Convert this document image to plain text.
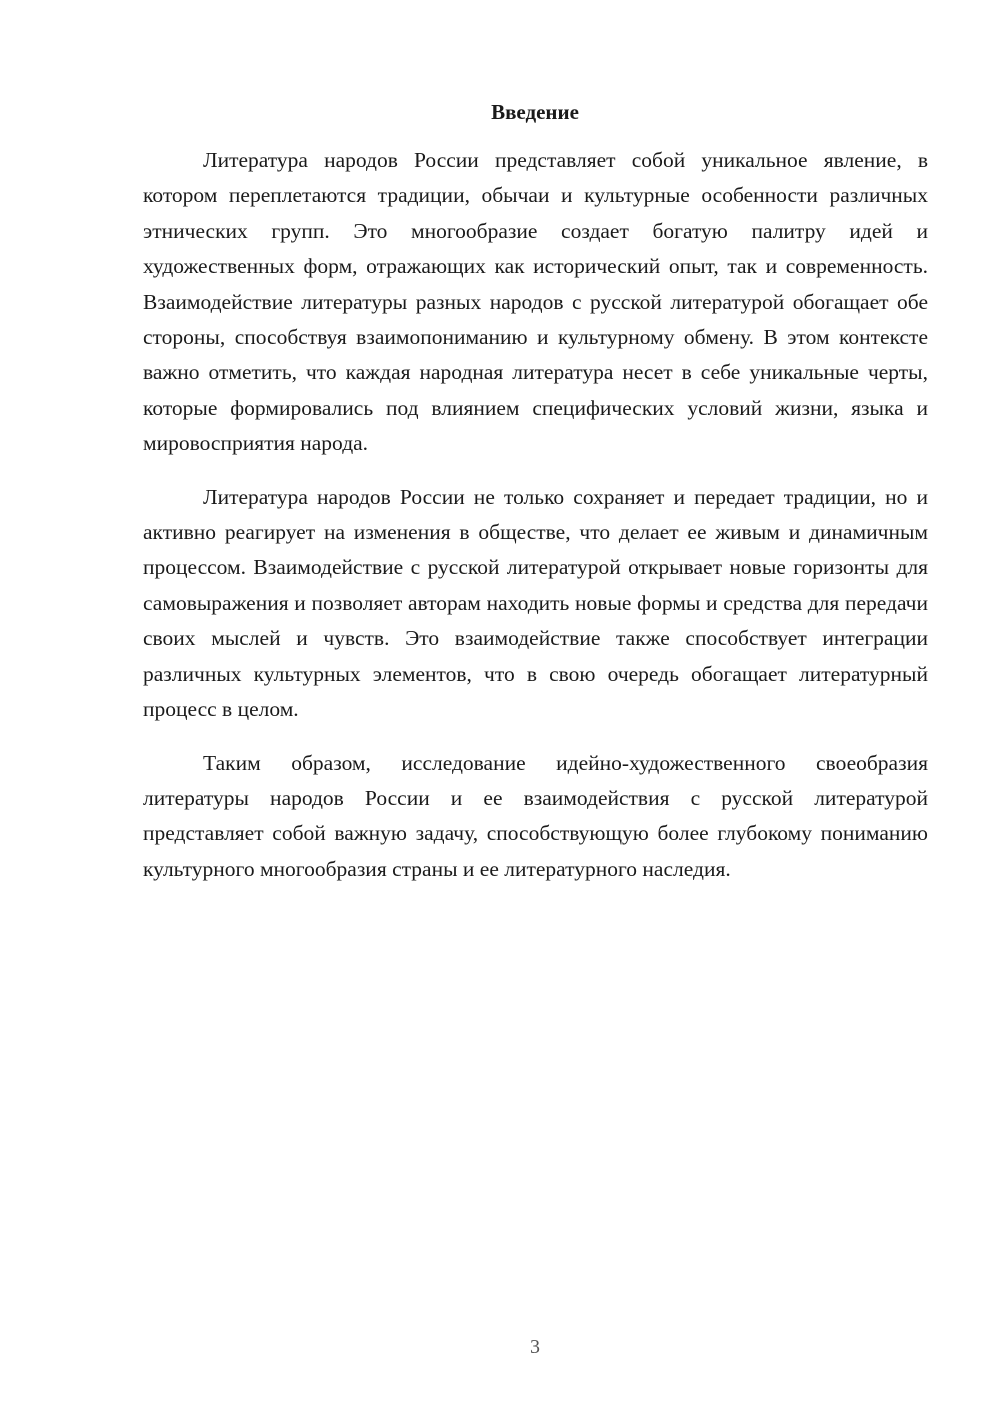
Введение

Литература народов России представляет собой уникальное явление, в котором переплетаются традиции, обычаи и культурные особенности различных этнических групп. Это многообразие создает богатую палитру идей и художественных форм, отражающих как исторический опыт, так и современность. Взаимодействие литературы разных народов с русской литературой обогащает обе стороны, способствуя взаимопониманию и культурному обмену. В этом контексте важно отметить, что каждая народная литература несет в себе уникальные черты, которые формировались под влиянием специфических условий жизни, языка и мировосприятия народа.

Литература народов России не только сохраняет и передает традиции, но и активно реагирует на изменения в обществе, что делает ее живым и динамичным процессом. Взаимодействие с русской литературой открывает новые горизонты для самовыражения и позволяет авторам находить новые формы и средства для передачи своих мыслей и чувств. Это взаимодействие также способствует интеграции различных культурных элементов, что в свою очередь обогащает литературный процесс в целом.

Таким образом, исследование идейно-художественного своеобразия литературы народов России и ее взаимодействия с русской литературой представляет собой важную задачу, способствующую более глубокому пониманию культурного многообразия страны и ее литературного наследия.

3
